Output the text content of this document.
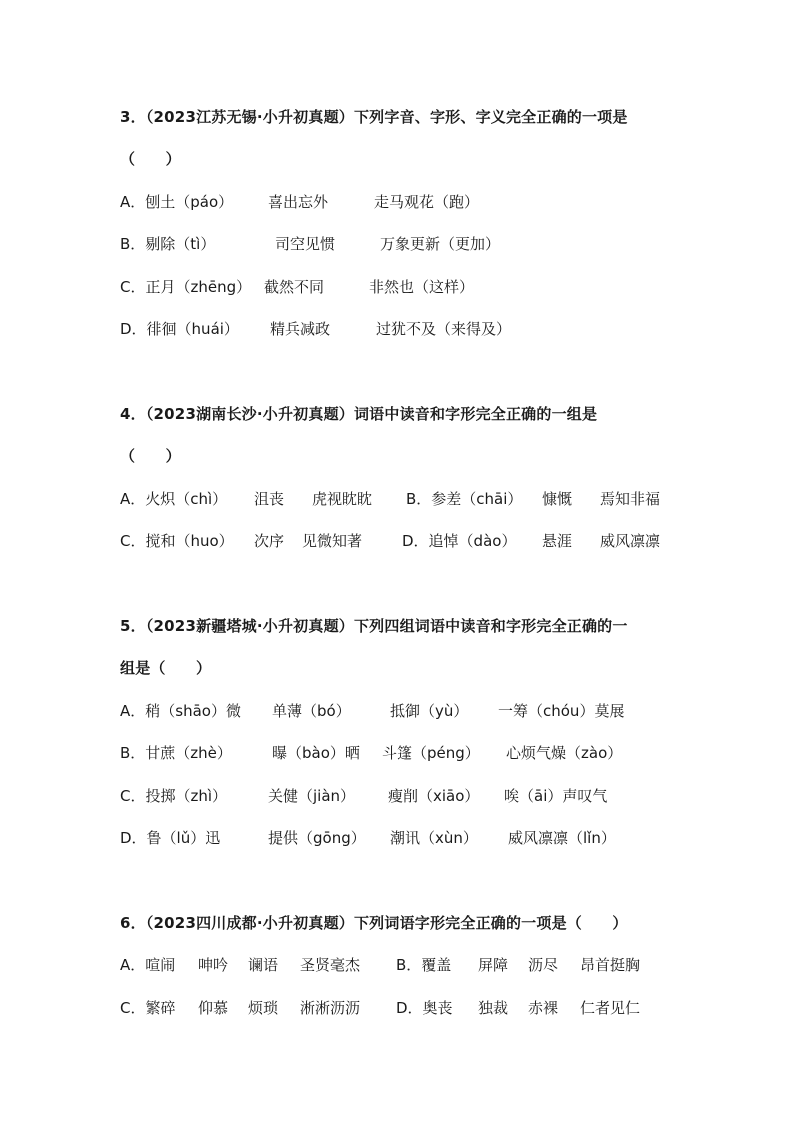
3．（2023江苏无锡·小升初真题）下列字音、字形、字义完全正确的一项是
（　　）
A．刨土（páo） 喜出忘外	走马观花（跑）
B．剔除（tì）	司空见惯	万象更新（更加）
C．正月（zhēng） 截然不同	非然也（这样）
D．徘徊（huái） 精兵减政	过犹不及（来得及）
4．（2023湖南长沙·小升初真题）词语中读音和字形完全正确的一组是
（　　）
A．火炽（chì） 沮丧 虎视眈眈 B．参差（chāi） 慷慨 焉知非福
C．搅和（huo） 次序 见微知著	D．追悼（dào） 悬涯 威风凛凛
5．（2023新疆塔城·小升初真题）下列四组词语中读音和字形完全正确的一
组是（　　）
A．稍（shāo）微 单薄（bó）	抵御（yù） 一筹（chóu）莫展
B．甘蔗（zhè）	曝（bào）晒 斗篷（péng） 心烦气燥（zào）
C．投掷（zhì）	关健（jiàn） 瘦削（xiāo） 唉（āi）声叹气
D．鲁（lǔ）迅	提供（gōng） 潮讯（xùn） 威风凛凛（lǐn）
6．（2023四川成都·小升初真题）下列词语字形完全正确的一项是（　　）
A．喧闹 呻吟 谰语 圣贤毫杰 B．覆盖 屏障 沥尽 昂首挺胸
C．繁碎 仰慕 烦琐 淅淅沥沥 D．奥丧 独裁 赤裸 仁者见仁
